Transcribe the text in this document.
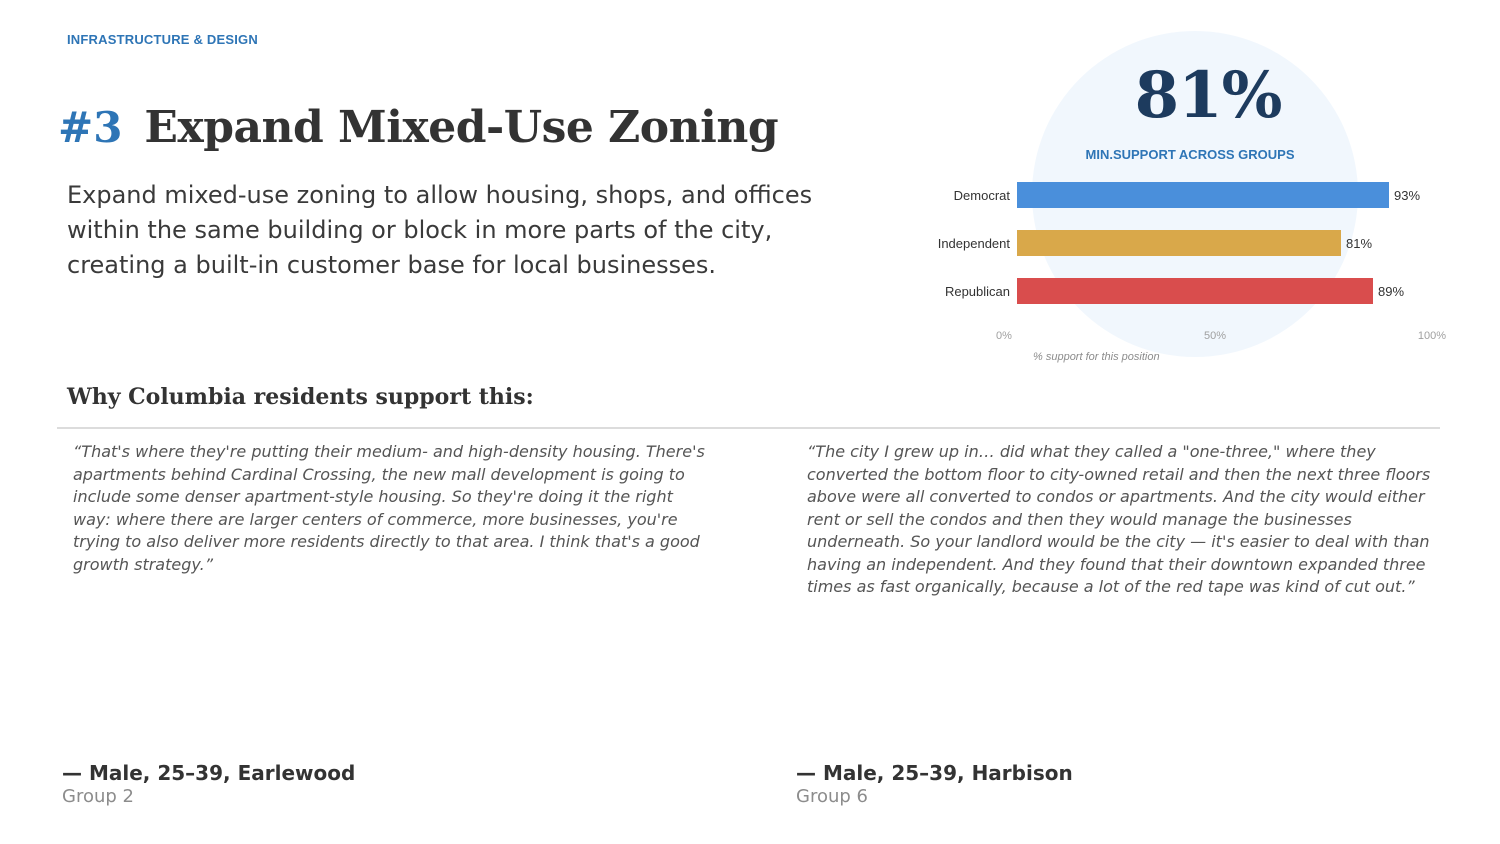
INFRASTRUCTURE & DESIGN
#3 Expand Mixed-Use Zoning
Expand mixed-use zoning to allow housing, shops, and offices within the same building or block in more parts of the city, creating a built-in customer base for local businesses.
81%
MIN.SUPPORT ACROSS GROUPS
Democrat	93%
Independent	81%
Republican	89%
0%	50%	100%
% support for this position
Why Columbia residents support this:
“That's where they're putting their medium- and high-density housing. There's apartments behind Cardinal Crossing, the new mall development is going to include some denser apartment-style housing. So they're doing it the right way: where there are larger centers of commerce, more businesses, you're trying to also deliver more residents directly to that area. I think that's a good growth strategy.”
“The city I grew up in… did what they called a "one-three," where they converted the bottom floor to city-owned retail and then the next three floors above were all converted to condos or apartments. And the city would either rent or sell the condos and then they would manage the businesses underneath. So your landlord would be the city — it's easier to deal with than having an independent. And they found that their downtown expanded three times as fast organically, because a lot of the red tape was kind of cut out.”
— Male, 25–39, Earlewood
Group 2
— Male, 25–39, Harbison
Group 6
